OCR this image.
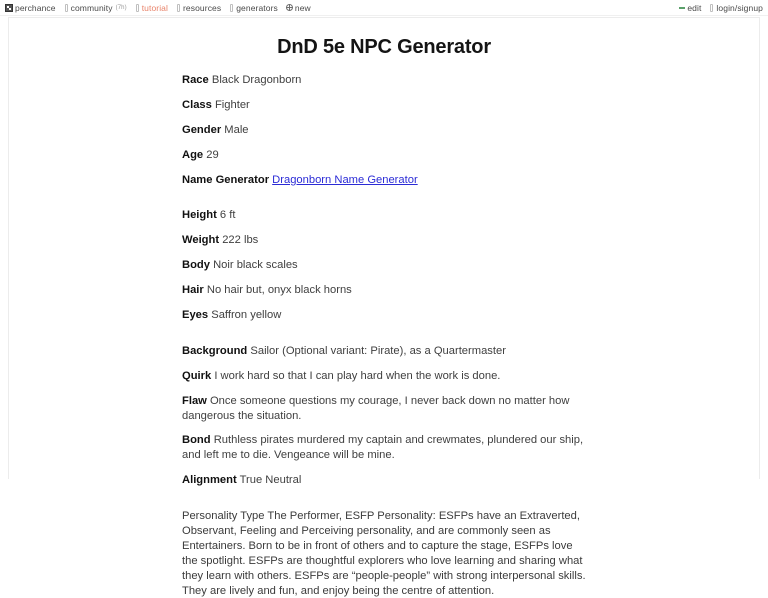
perchance community (7h) tutorial resources generators new	edit login/signup
DnD 5e NPC Generator
Race Black Dragonborn
Class Fighter
Gender Male
Age 29
Name Generator Dragonborn Name Generator
Height 6 ft
Weight 222 lbs
Body Noir black scales
Hair No hair but, onyx black horns
Eyes Saffron yellow
Background Sailor (Optional variant: Pirate), as a Quartermaster
Quirk I work hard so that I can play hard when the work is done.
Flaw Once someone questions my courage, I never back down no matter how dangerous the situation.
Bond Ruthless pirates murdered my captain and crewmates, plundered our ship, and left me to die. Vengeance will be mine.
Alignment True Neutral
Personality Type The Performer, ESFP Personality: ESFPs have an Extraverted, Observant, Feeling and Perceiving personality, and are commonly seen as Entertainers. Born to be in front of others and to capture the stage, ESFPs love the spotlight. ESFPs are thoughtful explorers who love learning and sharing what they learn with others. ESFPs are “people-people” with strong interpersonal skills. They are lively and fun, and enjoy being the centre of attention.
